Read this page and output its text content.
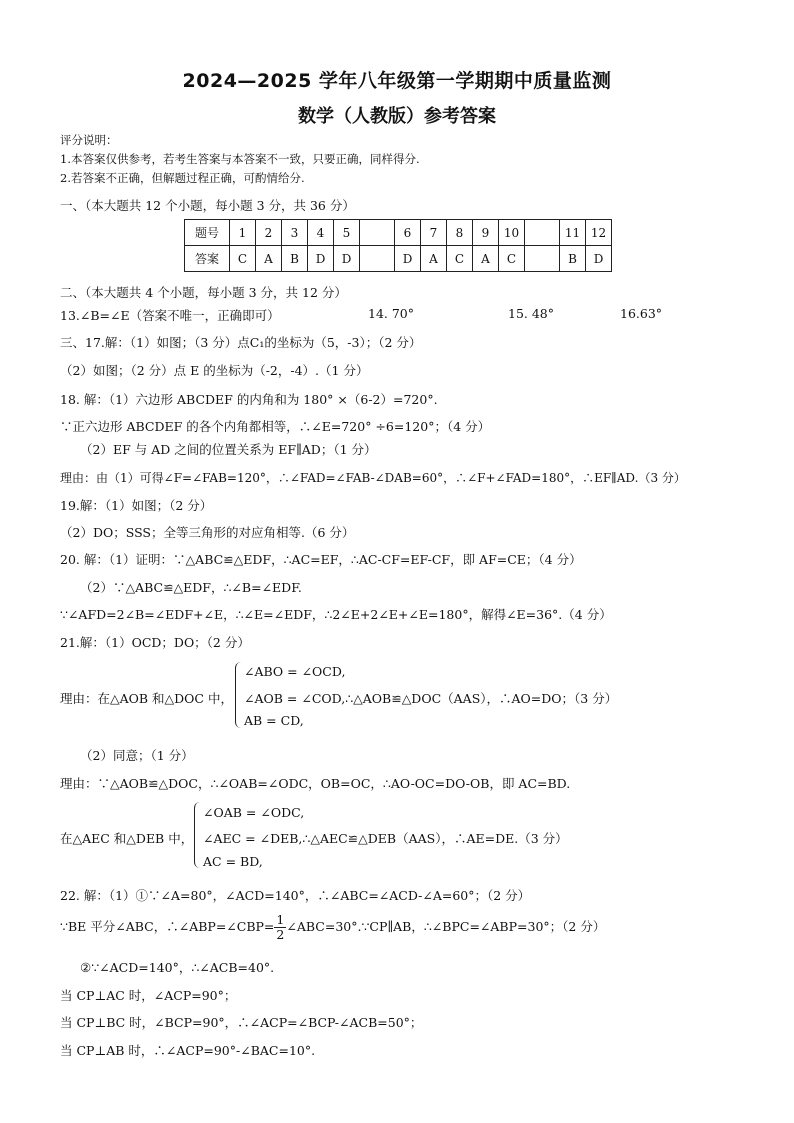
2024—2025 学年八年级第一学期期中质量监测
数学（人教版）参考答案
评分说明：
1.本答案仅供参考，若考生答案与本答案不一致，只要正确，同样得分.
2.若答案不正确，但解题过程正确，可酌情给分.
一、（本大题共 12 个小题，每小题 3 分，共 36 分）
题号	1	2	3	4	5		6	7	8	9	10		11	12
答案	C	A	B	D	D		D	A	C	A	C		B	D
二、（本大题共 4 个小题，每小题 3 分，共 12 分）
13.∠B=∠E（答案不唯一，正确即可）	14. 70°	15. 48°	16.63°
三、17.解：（1）如图；（3 分）点C₁的坐标为（5，-3）；（2 分）
（2）如图；（2 分）点 E 的坐标为（-2，-4）.（1 分）
18. 解：（1）六边形 ABCDEF 的内角和为 180° ×（6-2）=720°.
∵正六边形 ABCDEF 的各个内角都相等，∴∠E=720° ÷6=120°；（4 分）
（2）EF 与 AD 之间的位置关系为 EF∥AD；（1 分）
理由：由（1）可得∠F=∠FAB=120°，∴∠FAD=∠FAB-∠DAB=60°，∴∠F+∠FAD=180°，∴EF∥AD.（3 分）
19.解：（1）如图；（2 分）
（2）DO；SSS；全等三角形的对应角相等.（6 分）
20. 解：（1）证明：∵△ABC≌△EDF，∴AC=EF，∴AC-CF=EF-CF，即 AF=CE；（4 分）
（2）∵△ABC≌△EDF，∴∠B=∠EDF.
∵∠AFD=2∠B=∠EDF+∠E，∴∠E=∠EDF，∴2∠E+2∠E+∠E=180°，解得∠E=36°.（4 分）
21.解：（1）OCD；DO；（2 分）
理由：在△AOB 和△DOC 中，
∠ABO = ∠OCD,
∠AOB = ∠COD,∴△AOB≌△DOC（AAS），∴AO=DO；（3 分）
AB = CD,
（2）同意；（1 分）
理由：∵△AOB≌△DOC，∴∠OAB=∠ODC，OB=OC，∴AO-OC=DO-OB，即 AC=BD.
在△AEC 和△DEB 中，
∠OAB = ∠ODC,
∠AEC = ∠DEB,∴△AEC≌△DEB（AAS），∴AE=DE.（3 分）
AC = BD,
22. 解：（1）①∵∠A=80°，∠ACD=140°，∴∠ABC=∠ACD-∠A=60°；（2 分）
∵BE 平分∠ABC，∴∠ABP=∠CBP= $\frac{1}{2}$ ∠ABC=30°.∵CP∥AB，∴∠BPC=∠ABP=30°；（2 分）
②∵∠ACD=140°，∴∠ACB=40°.
当 CP⊥AC 时，∠ACP=90°；
当 CP⊥BC 时，∠BCP=90°，∴∠ACP=∠BCP-∠ACB=50°；
当 CP⊥AB 时，∴∠ACP=90°-∠BAC=10°.
